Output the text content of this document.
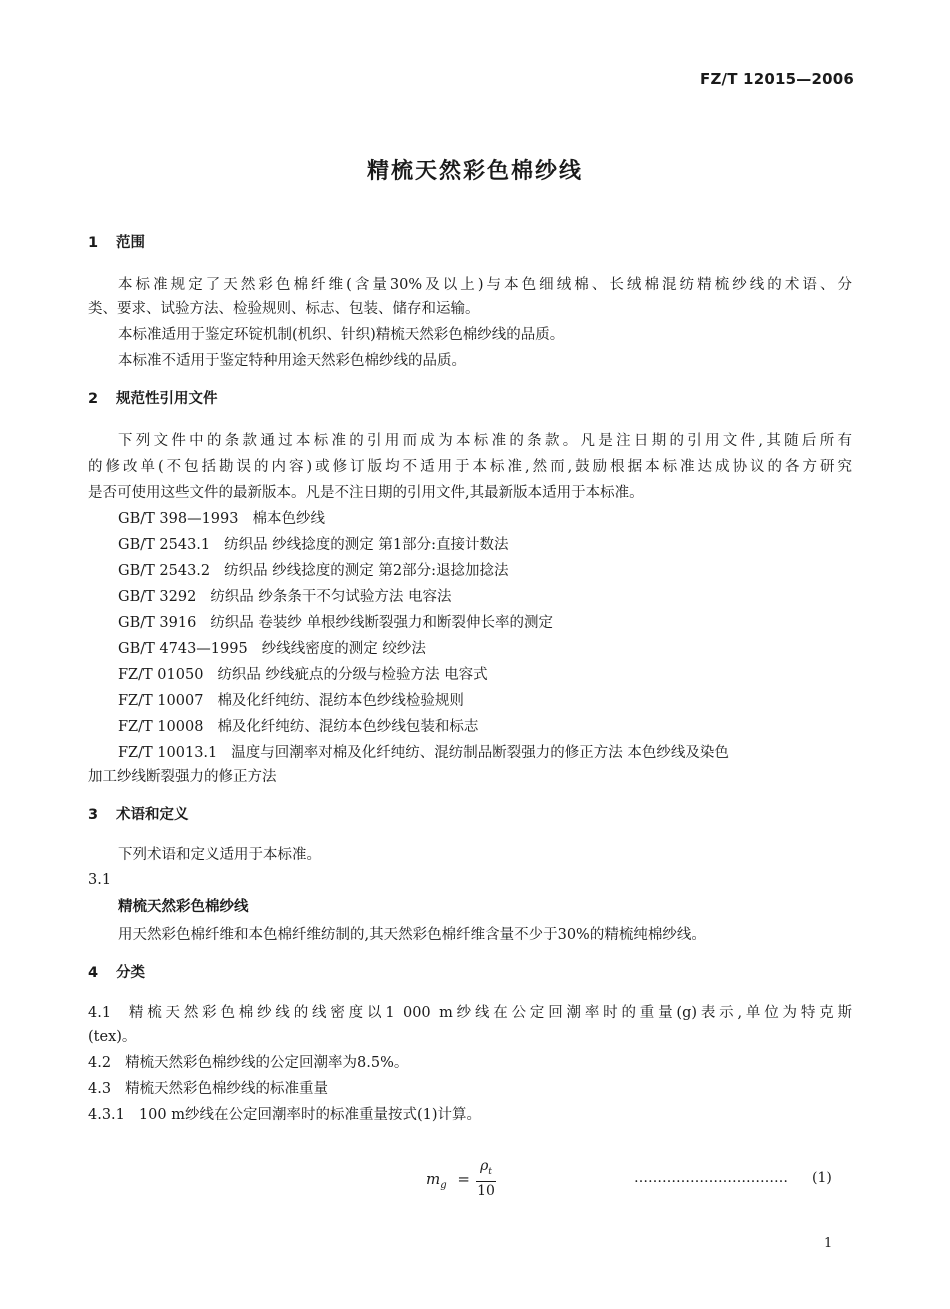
FZ/T 12015—2006
精梳天然彩色棉纱线
1 范围
本标准规定了天然彩色棉纤维(含量30%及以上)与本色细绒棉、长绒棉混纺精梳纱线的术语、分
类、要求、试验方法、检验规则、标志、包装、储存和运输。
本标准适用于鉴定环锭机制(机织、针织)精梳天然彩色棉纱线的品质。
本标准不适用于鉴定特种用途天然彩色棉纱线的品质。
2 规范性引用文件
下列文件中的条款通过本标准的引用而成为本标准的条款。凡是注日期的引用文件,其随后所有
的修改单(不包括勘误的内容)或修订版均不适用于本标准,然而,鼓励根据本标准达成协议的各方研究
是否可使用这些文件的最新版本。凡是不注日期的引用文件,其最新版本适用于本标准。
GB/T 398—1993 棉本色纱线
GB/T 2543.1 纺织品 纱线捻度的测定 第1部分:直接计数法
GB/T 2543.2 纺织品 纱线捻度的测定 第2部分:退捻加捻法
GB/T 3292 纺织品 纱条条干不匀试验方法 电容法
GB/T 3916 纺织品 卷装纱 单根纱线断裂强力和断裂伸长率的测定
GB/T 4743—1995 纱线线密度的测定 绞纱法
FZ/T 01050 纺织品 纱线疵点的分级与检验方法 电容式
FZ/T 10007 棉及化纤纯纺、混纺本色纱线检验规则
FZ/T 10008 棉及化纤纯纺、混纺本色纱线包装和标志
FZ/T 10013.1 温度与回潮率对棉及化纤纯纺、混纺制品断裂强力的修正方法 本色纱线及染色
加工纱线断裂强力的修正方法
3 术语和定义
下列术语和定义适用于本标准。
3.1
精梳天然彩色棉纱线
用天然彩色棉纤维和本色棉纤维纺制的,其天然彩色棉纤维含量不少于30%的精梳纯棉纱线。
4 分类
4.1 精梳天然彩色棉纱线的线密度以1 000 m纱线在公定回潮率时的重量(g)表示,单位为特克斯
(tex)。
4.2 精梳天然彩色棉纱线的公定回潮率为8.5%。
4.3 精梳天然彩色棉纱线的标准重量
4.3.1 100 m纱线在公定回潮率时的标准重量按式(1)计算。
$m_g$ =
$\rho_t$
10
…………………………… (1)
1
